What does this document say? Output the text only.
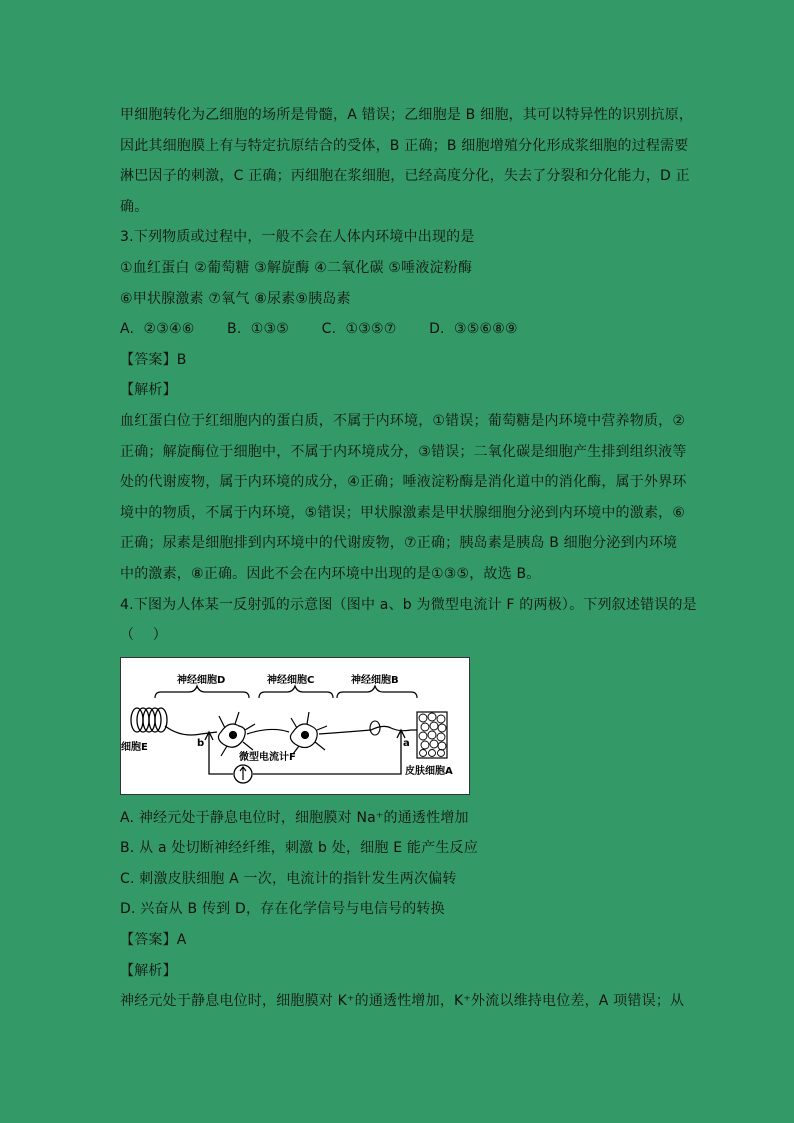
甲细胞转化为乙细胞的场所是骨髓，A 错误；乙细胞是 B 细胞，其可以特异性的识别抗原，
因此其细胞膜上有与特定抗原结合的受体，B 正确；B 细胞增殖分化形成浆细胞的过程需要
淋巴因子的刺激，C 正确；丙细胞在浆细胞，已经高度分化，失去了分裂和分化能力，D 正
确。
3.下列物质或过程中，一般不会在人体内环境中出现的是
①血红蛋白 ②葡萄糖 ③解旋酶 ④二氧化碳 ⑤唾液淀粉酶
⑥甲状腺激素 ⑦氧气 ⑧尿素⑨胰岛素
A.  ②③④⑥       B.  ①③⑤       C.  ①③⑤⑦       D.  ③⑤⑥⑧⑨
【答案】B
【解析】
血红蛋白位于红细胞内的蛋白质，不属于内环境，①错误；葡萄糖是内环境中营养物质，②
正确；解旋酶位于细胞中，不属于内环境成分，③错误；二氧化碳是细胞产生排到组织液等
处的代谢废物，属于内环境的成分，④正确；唾液淀粉酶是消化道中的消化酶，属于外界环
境中的物质，不属于内环境，⑤错误；甲状腺激素是甲状腺细胞分泌到内环境中的激素，⑥
正确；尿素是细胞排到内环境中的代谢废物，⑦正确；胰岛素是胰岛 B 细胞分泌到内环境
中的激素，⑧正确。因此不会在内环境中出现的是①③⑤，故选 B。
4.下图为人体某一反射弧的示意图（图中 a、b 为微型电流计 F 的两极）。下列叙述错误的是
（    ）
神经细胞D	神经细胞C	神经细胞B
细胞E	b	a
微型电流计F
皮肤细胞A
A. 神经元处于静息电位时，细胞膜对 Na⁺的通透性增加
B. 从 a 处切断神经纤维，刺激 b 处，细胞 E 能产生反应
C. 刺激皮肤细胞 A 一次，电流计的指针发生两次偏转
D. 兴奋从 B 传到 D，存在化学信号与电信号的转换
【答案】A
【解析】
神经元处于静息电位时，细胞膜对 K⁺的通透性增加，K⁺外流以维持电位差，A 项错误；从
